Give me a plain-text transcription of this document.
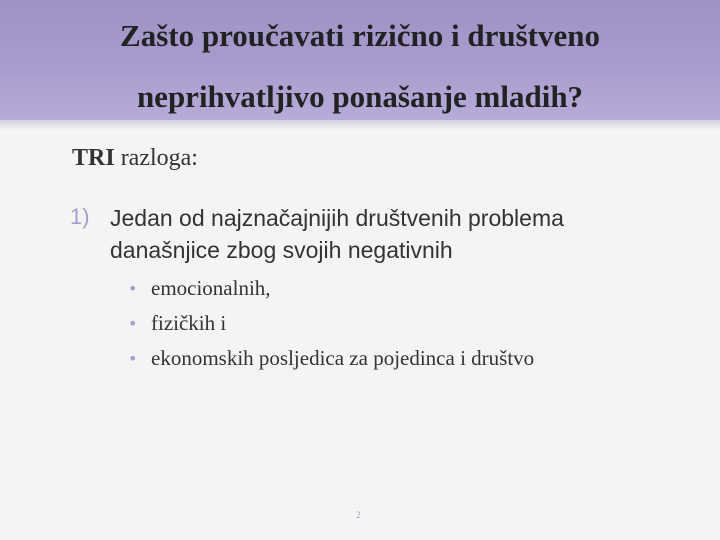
Zašto proučavati rizično i društveno
neprihvatljivo ponašanje mladih?
TRI razloga:
1) Jedan od najznačajnijih društvenih problema
današnjice zbog svojih negativnih
• emocionalnih,
• fizičkih i
• ekonomskih posljedica za pojedinca i društvo
2
